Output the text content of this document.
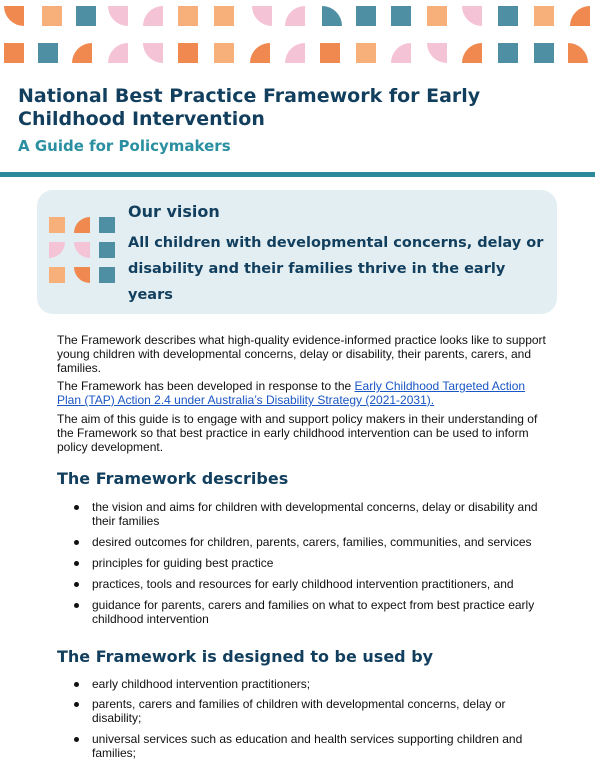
National Best Practice Framework for Early Childhood Intervention

A Guide for Policymakers

Our vision

All children with developmental concerns, delay or disability and their families thrive in the early years

The Framework describes what high-quality evidence-informed practice looks like to support young children with developmental concerns, delay or disability, their parents, carers, and families.

The Framework has been developed in response to the Early Childhood Targeted Action Plan (TAP) Action 2.4 under Australia’s Disability Strategy (2021-2031).

The aim of this guide is to engage with and support policy makers in their understanding of the Framework so that best practice in early childhood intervention can be used to inform policy development.

The Framework describes

the vision and aims for children with developmental concerns, delay or disability and their families
desired outcomes for children, parents, carers, families, communities, and services
principles for guiding best practice
practices, tools and resources for early childhood intervention practitioners, and
guidance for parents, carers and families on what to expect from best practice early childhood intervention

The Framework is designed to be used by

early childhood intervention practitioners;
parents, carers and families of children with developmental concerns, delay or disability;
universal services such as education and health services supporting children and families;
